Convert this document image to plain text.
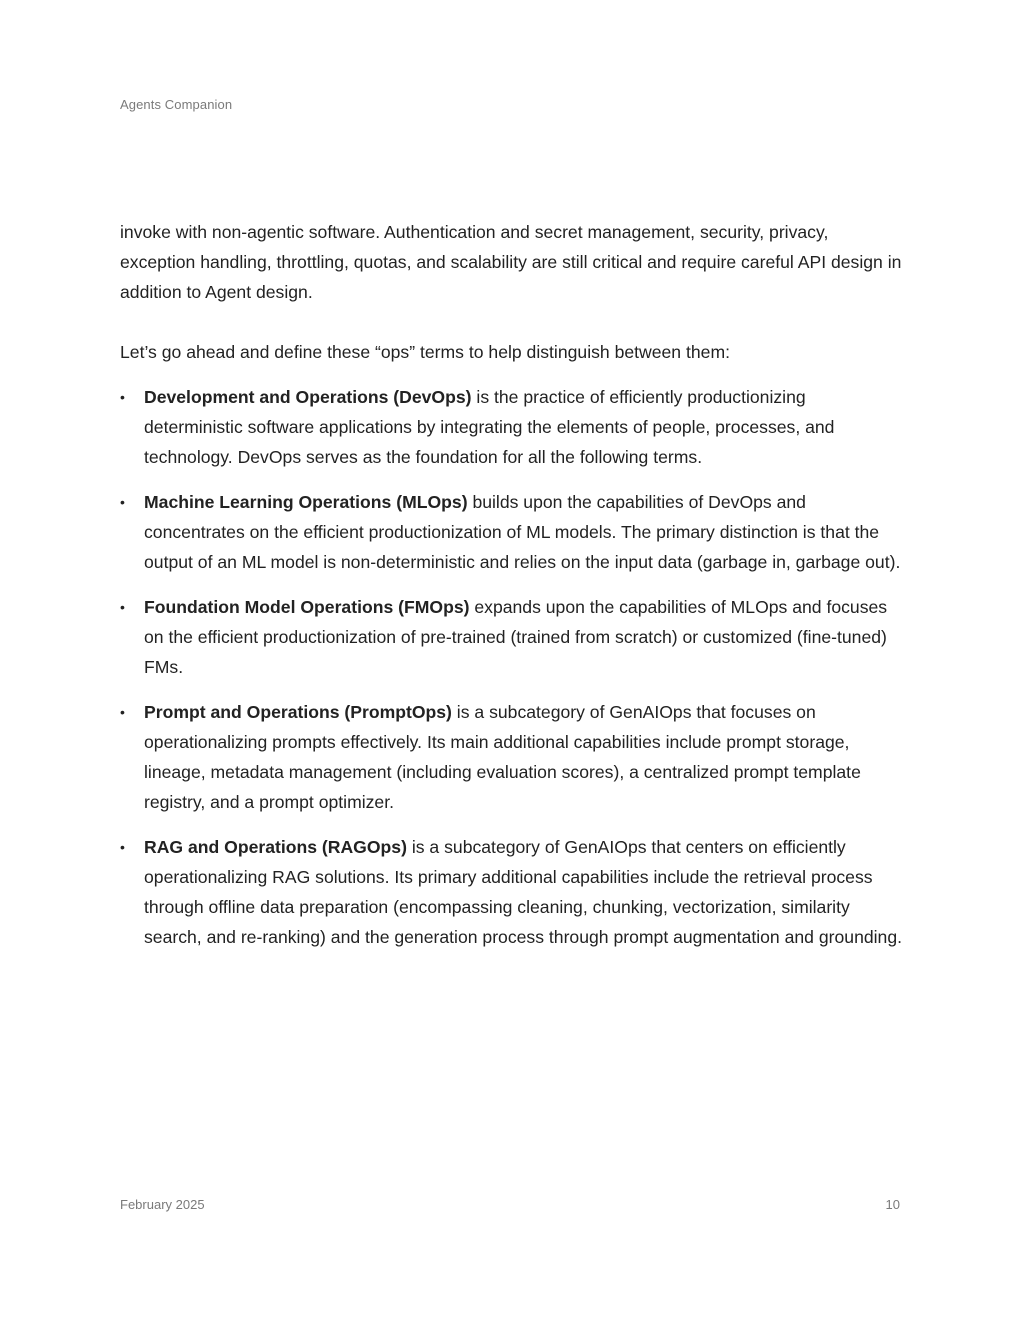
Agents Companion

invoke with non-agentic software. Authentication and secret management, security, privacy, exception handling, throttling, quotas, and scalability are still critical and require careful API design in addition to Agent design.

Let’s go ahead and define these “ops” terms to help distinguish between them:

• Development and Operations (DevOps) is the practice of efficiently productionizing deterministic software applications by integrating the elements of people, processes, and technology. DevOps serves as the foundation for all the following terms.
• Machine Learning Operations (MLOps) builds upon the capabilities of DevOps and concentrates on the efficient productionization of ML models. The primary distinction is that the output of an ML model is non-deterministic and relies on the input data (garbage in, garbage out).
• Foundation Model Operations (FMOps) expands upon the capabilities of MLOps and focuses on the efficient productionization of pre-trained (trained from scratch) or customized (fine-tuned) FMs.
• Prompt and Operations (PromptOps) is a subcategory of GenAIOps that focuses on operationalizing prompts effectively. Its main additional capabilities include prompt storage, lineage, metadata management (including evaluation scores), a centralized prompt template registry, and a prompt optimizer.
• RAG and Operations (RAGOps) is a subcategory of GenAIOps that centers on efficiently operationalizing RAG solutions. Its primary additional capabilities include the retrieval process through offline data preparation (encompassing cleaning, chunking, vectorization, similarity search, and re-ranking) and the generation process through prompt augmentation and grounding.
February 2025	10
